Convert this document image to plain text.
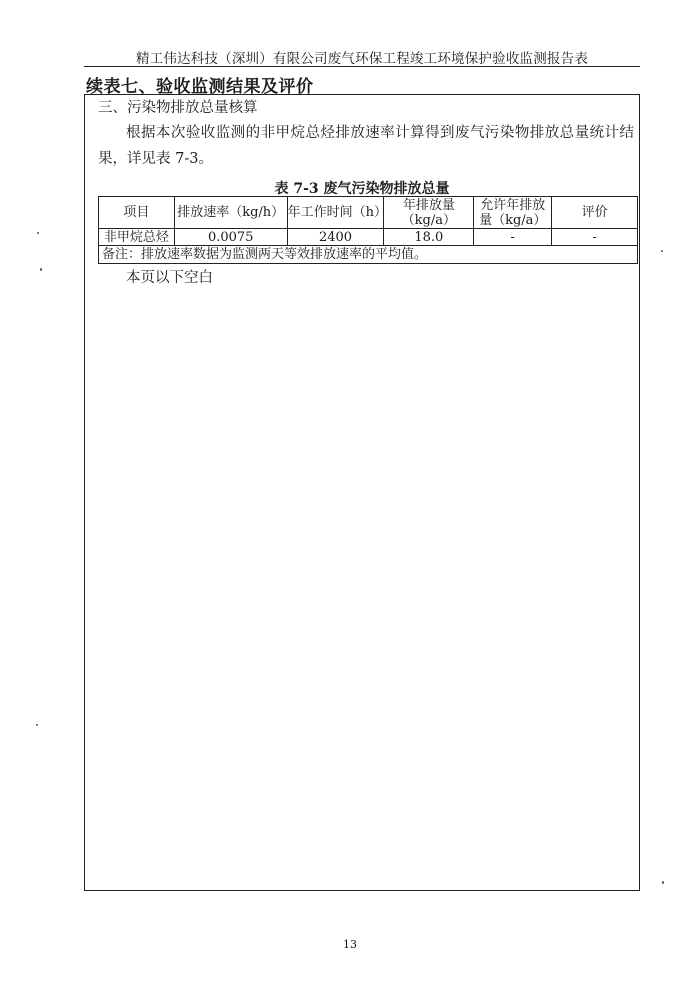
精工伟达科技（深圳）有限公司废气环保工程竣工环境保护验收监测报告表
续表七、验收监测结果及评价
三、污染物排放总量核算
根据本次验收监测的非甲烷总烃排放速率计算得到废气污染物排放总量统计结果，详见表 7-3。
表 7-3 废气污染物排放总量
项目	排放速率（kg/h）	年工作时间（h）	年排放量（kg/a）	允许年排放量（kg/a）	评价
非甲烷总烃	0.0075	2400	18.0	-	-
备注：排放速率数据为监测两天等效排放速率的平均值。					
本页以下空白
13
